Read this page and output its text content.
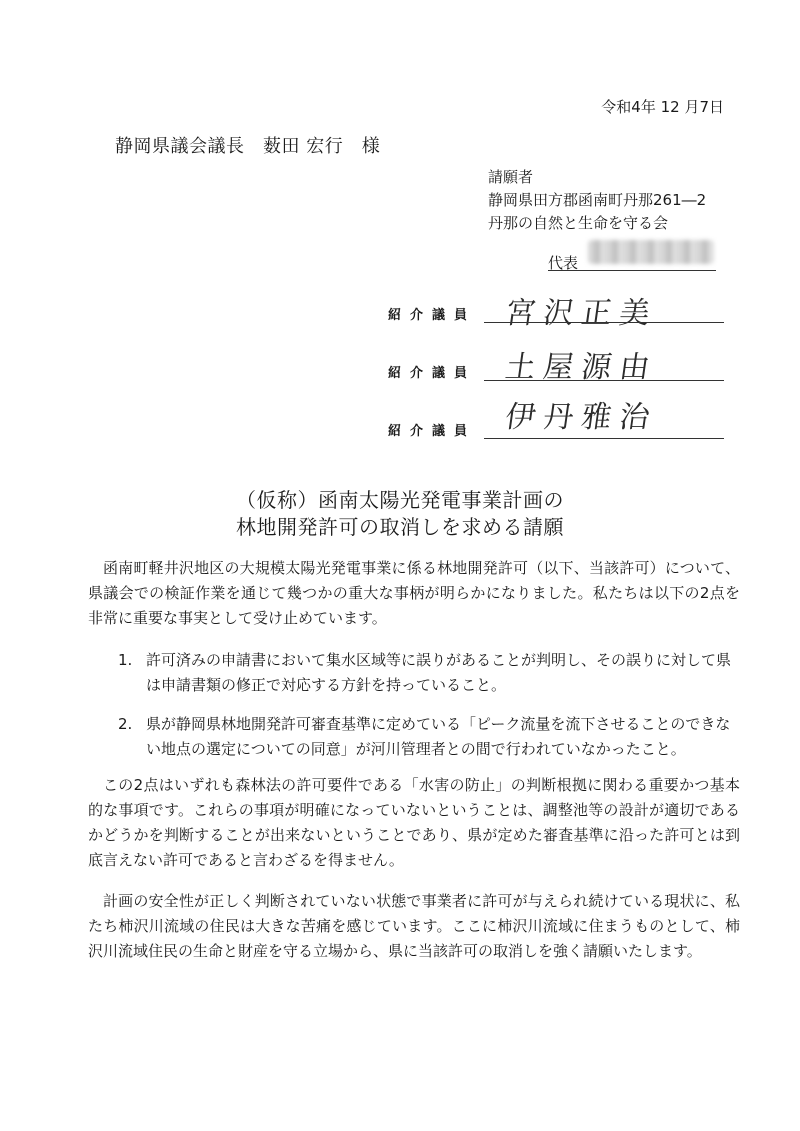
令和4年 12 月7日
静岡県議会議長　薮田 宏行　様
請願者
静岡県田方郡函南町丹那261―2
丹那の自然と生命を守る会
代表
紹介議員 宮沢正美
紹介議員 土屋源由
紹介議員 伊丹雅治
（仮称）函南太陽光発電事業計画の
林地開発許可の取消しを求める請願

函南町軽井沢地区の大規模太陽光発電事業に係る林地開発許可（以下、当該許可）について、県議会での検証作業を通じて幾つかの重大な事柄が明らかになりました。私たちは以下の2点を非常に重要な事実として受け止めています。

1. 許可済みの申請書において集水区域等に誤りがあることが判明し、その誤りに対して県は申請書類の修正で対応する方針を持っていること。
2. 県が静岡県林地開発許可審査基準に定めている「ピーク流量を流下させることのできない地点の選定についての同意」が河川管理者との間で行われていなかったこと。

この2点はいずれも森林法の許可要件である「水害の防止」の判断根拠に関わる重要かつ基本的な事項です。これらの事項が明確になっていないということは、調整池等の設計が適切であるかどうかを判断することが出来ないということであり、県が定めた審査基準に沿った許可とは到底言えない許可であると言わざるを得ません。

計画の安全性が正しく判断されていない状態で事業者に許可が与えられ続けている現状に、私たち柿沢川流域の住民は大きな苦痛を感じています。ここに柿沢川流域に住まうものとして、柿沢川流域住民の生命と財産を守る立場から、県に当該許可の取消しを強く請願いたします。
